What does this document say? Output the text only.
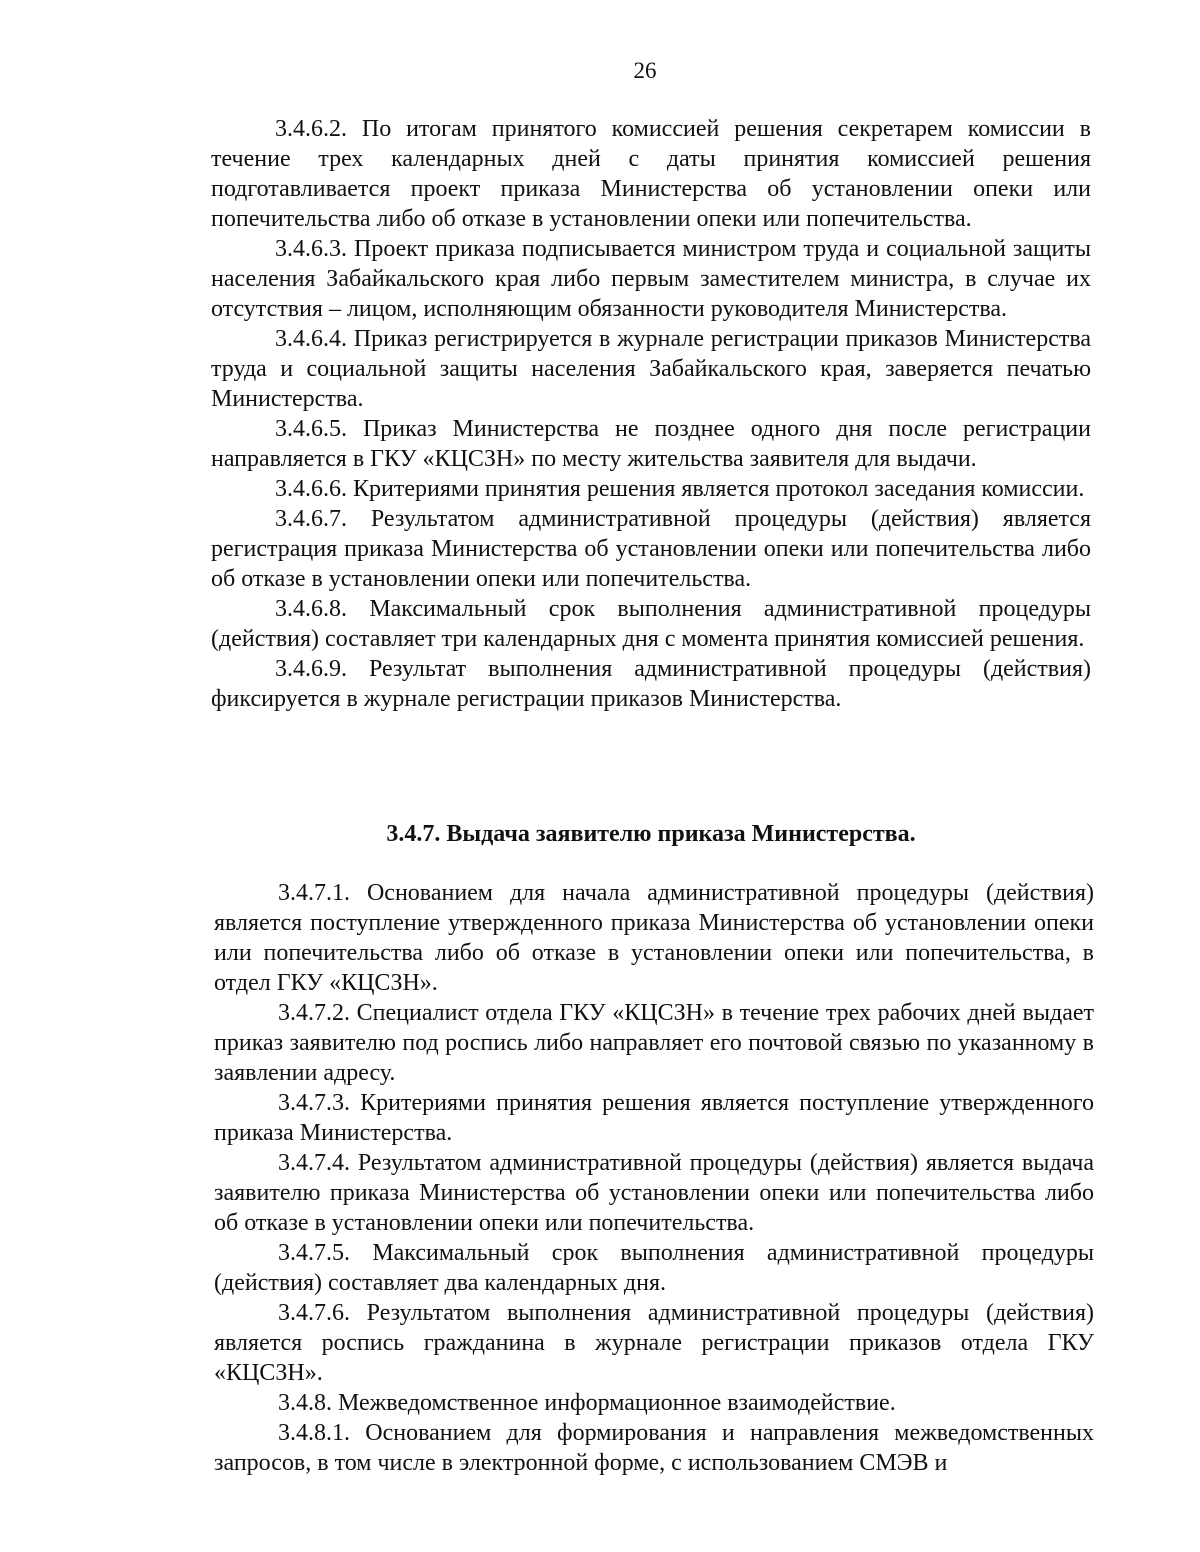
26

3.4.6.2. По итогам принятого комиссией решения секретарем комиссии в течение трех календарных дней с даты принятия комиссией решения подготавливается проект приказа Министерства об установлении опеки или попечительства либо об отказе в установлении опеки или попечительства.

3.4.6.3. Проект приказа подписывается министром труда и социальной защиты населения Забайкальского края либо первым заместителем министра, в случае их отсутствия – лицом, исполняющим обязанности руководителя Министерства.

3.4.6.4. Приказ регистрируется в журнале регистрации приказов Министерства труда и социальной защиты населения Забайкальского края, заверяется печатью Министерства.

3.4.6.5. Приказ Министерства не позднее одного дня после регистрации направляется в ГКУ «КЦСЗН» по месту жительства заявителя для выдачи.

3.4.6.6. Критериями принятия решения является протокол заседания комиссии.

3.4.6.7. Результатом административной процедуры (действия) является регистрация приказа Министерства об установлении опеки или попечительства либо об отказе в установлении опеки или попечительства.

3.4.6.8. Максимальный срок выполнения административной процедуры (действия) составляет три календарных дня с момента принятия комиссией решения.

3.4.6.9. Результат выполнения административной процедуры (действия) фиксируется в журнале регистрации приказов Министерства.

3.4.7. Выдача заявителю приказа Министерства.

3.4.7.1. Основанием для начала административной процедуры (действия) является поступление утвержденного приказа Министерства об установлении опеки или попечительства либо об отказе в установлении опеки или попечительства, в отдел ГКУ «КЦСЗН».

3.4.7.2. Специалист отдела ГКУ «КЦСЗН» в течение трех рабочих дней выдает приказ заявителю под роспись либо направляет его почтовой связью по указанному в заявлении адресу.

3.4.7.3. Критериями принятия решения является поступление утвержденного приказа Министерства.

3.4.7.4. Результатом административной процедуры (действия) является выдача заявителю приказа Министерства об установлении опеки или попечительства либо об отказе в установлении опеки или попечительства.

3.4.7.5. Максимальный срок выполнения административной процедуры (действия) составляет два календарных дня.

3.4.7.6. Результатом выполнения административной процедуры (действия) является роспись гражданина в журнале регистрации приказов отдела ГКУ «КЦСЗН».

3.4.8. Межведомственное информационное взаимодействие.

3.4.8.1. Основанием для формирования и направления межведомственных запросов, в том числе в электронной форме, с использованием СМЭВ и
